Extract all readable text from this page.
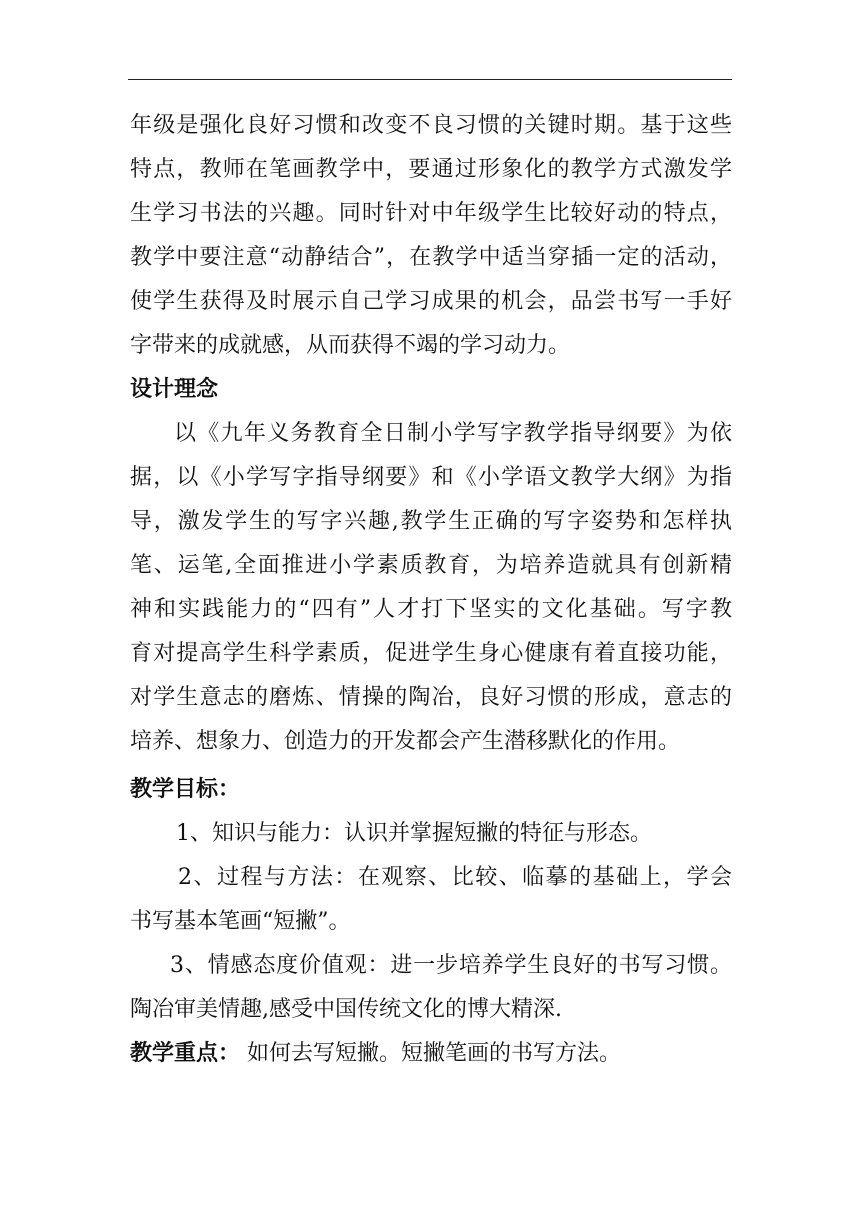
年级是强化良好习惯和改变不良习惯的关键时期。基于这些
特点，教师在笔画教学中，要通过形象化的教学方式激发学
生学习书法的兴趣。同时针对中年级学生比较好动的特点，
教学中要注意“动静结合”，在教学中适当穿插一定的活动，
使学生获得及时展示自己学习成果的机会，品尝书写一手好
字带来的成就感，从而获得不竭的学习动力。
设计理念
以《九年义务教育全日制小学写字教学指导纲要》为依
据，以《小学写字指导纲要》和《小学语文教学大纲》为指
导，激发学生的写字兴趣,教学生正确的写字姿势和怎样执
笔、运笔,全面推进小学素质教育，为培养造就具有创新精
神和实践能力的“四有”人才打下坚实的文化基础。写字教
育对提高学生科学素质，促进学生身心健康有着直接功能，
对学生意志的磨炼、情操的陶冶，良好习惯的形成，意志的
培养、想象力、创造力的开发都会产生潜移默化的作用。
教学目标：
1、知识与能力：认识并掌握短撇的特征与形态。
2、过程与方法：在观察、比较、临摹的基础上，学会
书写基本笔画“短撇”。
3、情感态度价值观：进一步培养学生良好的书写习惯。
陶冶审美情趣,感受中国传统文化的博大精深.
教学重点： 如何去写短撇。短撇笔画的书写方法。
